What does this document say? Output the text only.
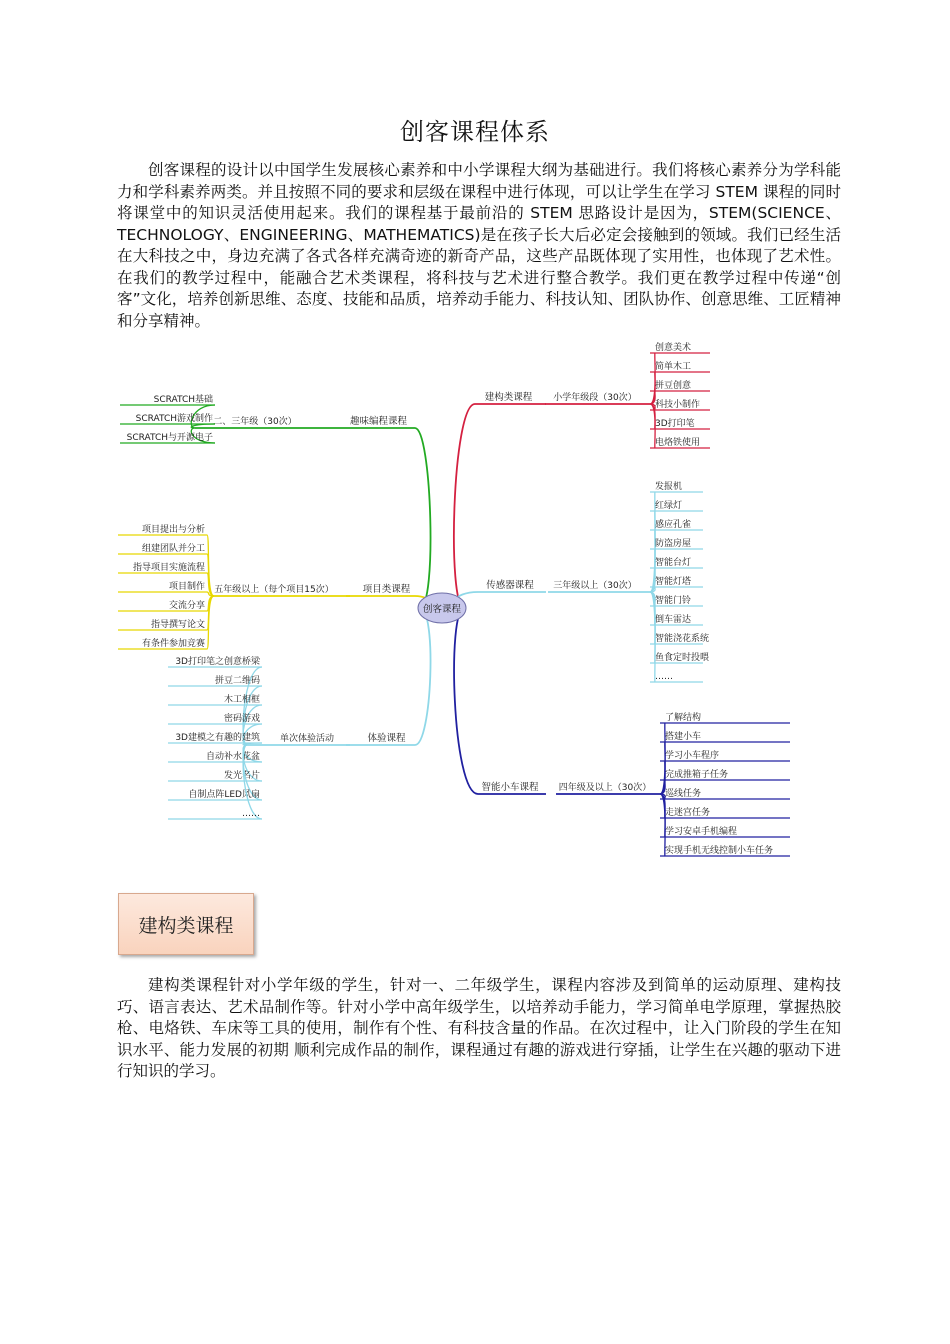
创客课程体系

创客课程的设计以中国学生发展核心素养和中小学课程大纲为基础进行。我们将核心素养分为学科能力和学科素养两类。并且按照不同的要求和层级在课程中进行体现，可以让学生在学习 STEM 课程的同时将课堂中的知识灵活使用起来。我们的课程基于最前沿的 STEM 思路设计是因为，STEM(SCIENCE、TECHNOLOGY、ENGINEERING、MATHEMATICS)是在孩子长大后必定会接触到的领域。我们已经生活在大科技之中，身边充满了各式各样充满奇迹的新奇产品，这些产品既体现了实用性，也体现了艺术性。在我们的教学过程中，能融合艺术类课程，将科技与艺术进行整合教学。我们更在教学过程中传递“创客”文化，培养创新思维、态度、技能和品质，培养动手能力、科技认知、团队协作、创意思维、工匠精神和分享精神。

趣味编程课程
二、三年级（30次）
SCRATCH基础
SCRATCH游戏制作
SCRATCH与开源电子
项目类课程
五年级以上（每个项目15次）
项目提出与分析
组建团队并分工
指导项目实施流程
项目制作
交流分享
指导撰写论文
有条件参加竞赛
体验课程
单次体验活动
3D打印笔之创意桥梁
拼豆二维码
木工相框
密码游戏
3D建模之有趣的建筑
自动补水花盆
发光名片
自制点阵LED风扇
……
建构类课程 小学年级段（30次）
创意美术
简单木工
拼豆创意
科技小制作
3D打印笔
电烙铁使用
传感器课程 三年级以上（30次）
发报机
红绿灯
感应孔雀
防盗房屋
智能台灯
智能灯塔
智能门铃
倒车雷达
智能浇花系统
鱼食定时投喂
……
智能小车课程 四年级及以上（30次）
了解结构
搭建小车
学习小车程序
完成推箱子任务
巡线任务
走迷宫任务
学习安卓手机编程
实现手机无线控制小车任务
创客课程
建构类课程

建构类课程针对小学年级的学生，针对一、二年级学生，课程内容涉及到简单的运动原理、建构技巧、语言表达、艺术品制作等。针对小学中高年级学生，以培养动手能力，学习简单电学原理，掌握热胶枪、电烙铁、车床等工具的使用，制作有个性、有科技含量的作品。在次过程中，让入门阶段的学生在知识水平、能力发展的初期 顺利完成作品的制作，课程通过有趣的游戏进行穿插，让学生在兴趣的驱动下进行知识的学习。
